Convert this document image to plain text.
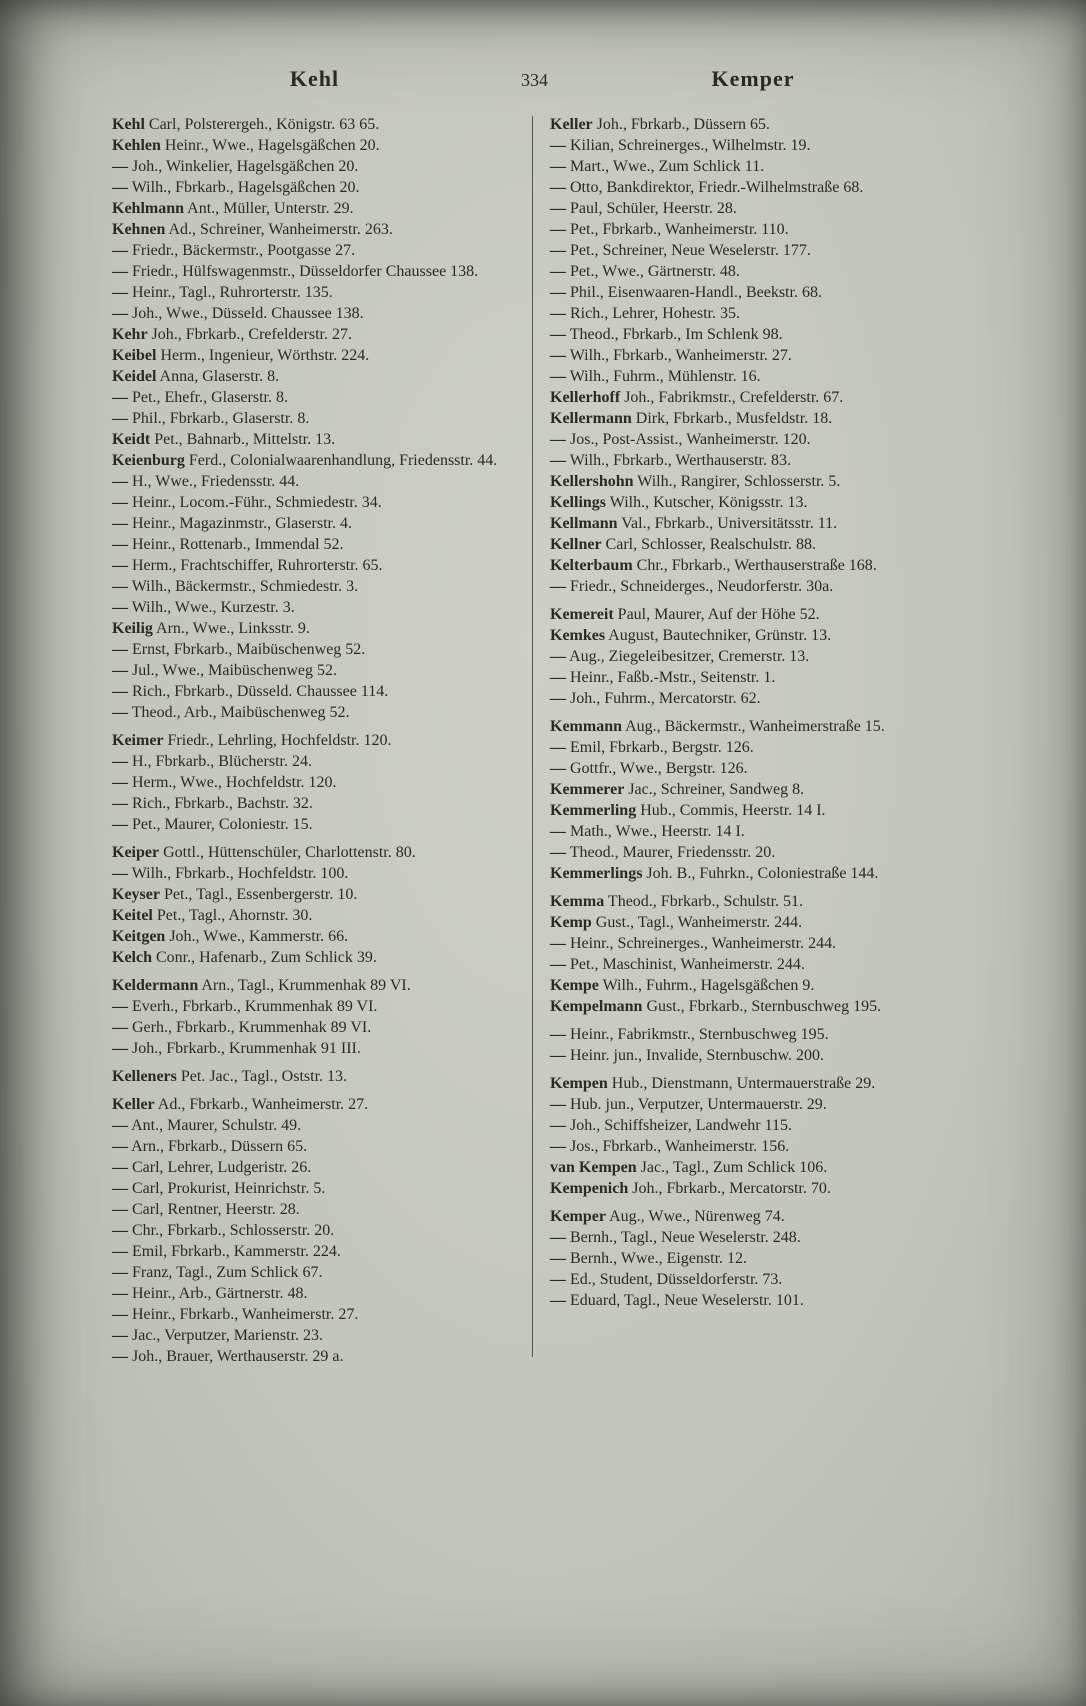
Kehl	334	Kemper
Kehl Carl, Polsterergeh., Königstr. 63 65.
Kehlen Heinr., Wwe., Hagelsgäßchen 20.
— Joh., Winkelier, Hagelsgäßchen 20.
— Wilh., Fbrkarb., Hagelsgäßchen 20.
Kehlmann Ant., Müller, Unterstr. 29.
Kehnen Ad., Schreiner, Wanheimerstr. 263.
— Friedr., Bäckermstr., Pootgasse 27.
— Friedr., Hülfswagenmstr., Düsseldorfer Chaussee 138.
— Heinr., Tagl., Ruhrorterstr. 135.
— Joh., Wwe., Düsseld. Chaussee 138.
Kehr Joh., Fbrkarb., Crefelderstr. 27.
Keibel Herm., Ingenieur, Wörthstr. 224.
Keidel Anna, Glaserstr. 8.
— Pet., Ehefr., Glaserstr. 8.
— Phil., Fbrkarb., Glaserstr. 8.
Keidt Pet., Bahnarb., Mittelstr. 13.
Keienburg Ferd., Colonialwaarenhandlung, Friedensstr. 44.
— H., Wwe., Friedensstr. 44.
— Heinr., Locom.-Führ., Schmiedestr. 34.
— Heinr., Magazinmstr., Glaserstr. 4.
— Heinr., Rottenarb., Immendal 52.
— Herm., Frachtschiffer, Ruhrorterstr. 65.
— Wilh., Bäckermstr., Schmiedestr. 3.
— Wilh., Wwe., Kurzestr. 3.
Keilig Arn., Wwe., Linksstr. 9.
— Ernst, Fbrkarb., Maibüschenweg 52.
— Jul., Wwe., Maibüschenweg 52.
— Rich., Fbrkarb., Düsseld. Chaussee 114.
— Theod., Arb., Maibüschenweg 52.
Keimer Friedr., Lehrling, Hochfeldstr. 120.
— H., Fbrkarb., Blücherstr. 24.
— Herm., Wwe., Hochfeldstr. 120.
— Rich., Fbrkarb., Bachstr. 32.
— Pet., Maurer, Coloniestr. 15.
Keiper Gottl., Hüttenschüler, Charlottenstr. 80.
— Wilh., Fbrkarb., Hochfeldstr. 100.
Keyser Pet., Tagl., Essenbergerstr. 10.
Keitel Pet., Tagl., Ahornstr. 30.
Keitgen Joh., Wwe., Kammerstr. 66.
Kelch Conr., Hafenarb., Zum Schlick 39.
Keldermann Arn., Tagl., Krummenhak 89 VI.
— Everh., Fbrkarb., Krummenhak 89 VI.
— Gerh., Fbrkarb., Krummenhak 89 VI.
— Joh., Fbrkarb., Krummenhak 91 III.
Kelleners Pet. Jac., Tagl., Oststr. 13.
Keller Ad., Fbrkarb., Wanheimerstr. 27.
— Ant., Maurer, Schulstr. 49.
— Arn., Fbrkarb., Düssern 65.
— Carl, Lehrer, Ludgeristr. 26.
— Carl, Prokurist, Heinrichstr. 5.
— Carl, Rentner, Heerstr. 28.
— Chr., Fbrkarb., Schlosserstr. 20.
— Emil, Fbrkarb., Kammerstr. 224.
— Franz, Tagl., Zum Schlick 67.
— Heinr., Arb., Gärtnerstr. 48.
— Heinr., Fbrkarb., Wanheimerstr. 27.
— Jac., Verputzer, Marienstr. 23.
— Joh., Brauer, Werthauserstr. 29 a.
Keller Joh., Fbrkarb., Düssern 65.
— Kilian, Schreinerges., Wilhelmstr. 19.
— Mart., Wwe., Zum Schlick 11.
— Otto, Bankdirektor, Friedr.-Wilhelmstraße 68.
— Paul, Schüler, Heerstr. 28.
— Pet., Fbrkarb., Wanheimerstr. 110.
— Pet., Schreiner, Neue Weselerstr. 177.
— Pet., Wwe., Gärtnerstr. 48.
— Phil., Eisenwaaren-Handl., Beekstr. 68.
— Rich., Lehrer, Hohestr. 35.
— Theod., Fbrkarb., Im Schlenk 98.
— Wilh., Fbrkarb., Wanheimerstr. 27.
— Wilh., Fuhrm., Mühlenstr. 16.
Kellerhoff Joh., Fabrikmstr., Crefelderstr. 67.
Kellermann Dirk, Fbrkarb., Musfeldstr. 18.
— Jos., Post-Assist., Wanheimerstr. 120.
— Wilh., Fbrkarb., Werthauserstr. 83.
Kellershohn Wilh., Rangirer, Schlosserstr. 5.
Kellings Wilh., Kutscher, Königsstr. 13.
Kellmann Val., Fbrkarb., Universitätsstr. 11.
Kellner Carl, Schlosser, Realschulstr. 88.
Kelterbaum Chr., Fbrkarb., Werthauserstraße 168.
— Friedr., Schneiderges., Neudorferstr. 30a.
Kemereit Paul, Maurer, Auf der Höhe 52.
Kemkes August, Bautechniker, Grünstr. 13.
— Aug., Ziegeleibesitzer, Cremerstr. 13.
— Heinr., Faßb.-Mstr., Seitenstr. 1.
— Joh., Fuhrm., Mercatorstr. 62.
Kemmann Aug., Bäckermstr., Wanheimerstraße 15.
— Emil, Fbrkarb., Bergstr. 126.
— Gottfr., Wwe., Bergstr. 126.
Kemmerer Jac., Schreiner, Sandweg 8.
Kemmerling Hub., Commis, Heerstr. 14 I.
— Math., Wwe., Heerstr. 14 I.
— Theod., Maurer, Friedensstr. 20.
Kemmerlings Joh. B., Fuhrkn., Coloniestraße 144.
Kemma Theod., Fbrkarb., Schulstr. 51.
Kemp Gust., Tagl., Wanheimerstr. 244.
— Heinr., Schreinerges., Wanheimerstr. 244.
— Pet., Maschinist, Wanheimerstr. 244.
Kempe Wilh., Fuhrm., Hagelsgäßchen 9.
Kempelmann Gust., Fbrkarb., Sternbuschweg 195.
— Heinr., Fabrikmstr., Sternbuschweg 195.
— Heinr. jun., Invalide, Sternbuschw. 200.
Kempen Hub., Dienstmann, Untermauerstraße 29.
— Hub. jun., Verputzer, Untermauerstr. 29.
— Joh., Schiffsheizer, Landwehr 115.
— Jos., Fbrkarb., Wanheimerstr. 156.
van Kempen Jac., Tagl., Zum Schlick 106.
Kempenich Joh., Fbrkarb., Mercatorstr. 70.
Kemper Aug., Wwe., Nürenweg 74.
— Bernh., Tagl., Neue Weselerstr. 248.
— Bernh., Wwe., Eigenstr. 12.
— Ed., Student, Düsseldorferstr. 73.
— Eduard, Tagl., Neue Weselerstr. 101.
